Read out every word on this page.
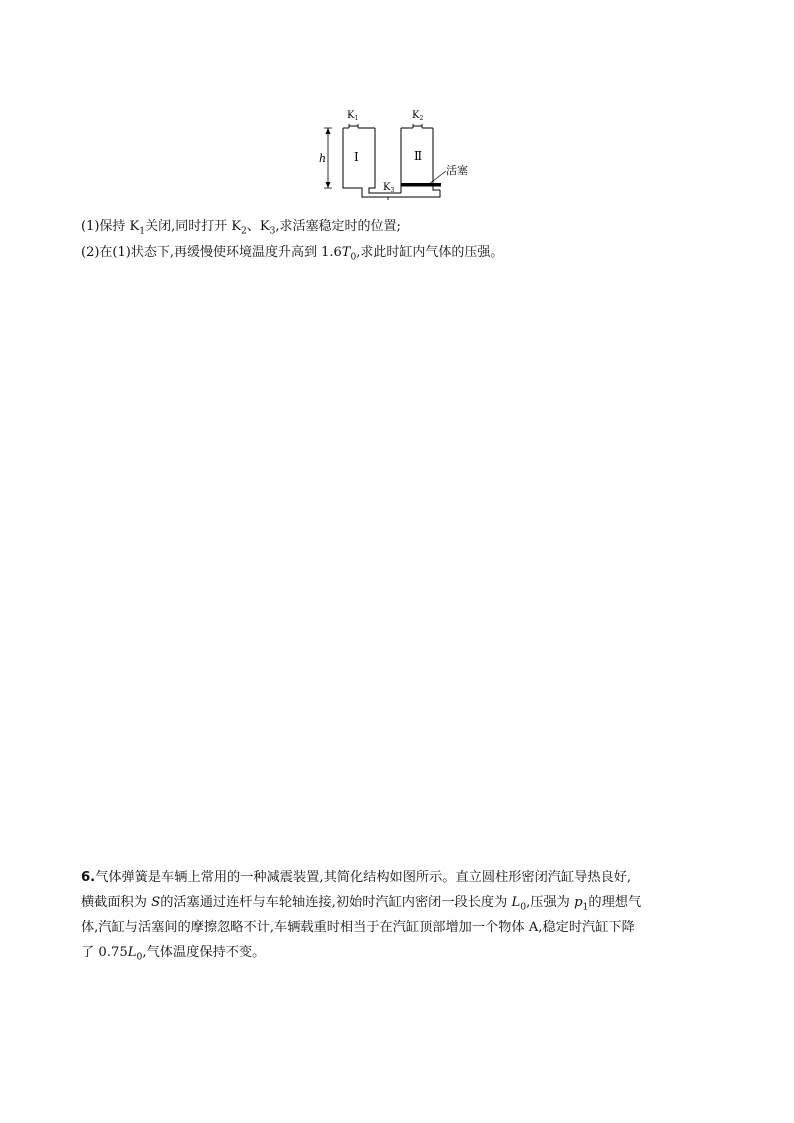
$K_1$	$K_2$
$K_3$
Ⅰ	Ⅱ
h
活塞
(1)保持 $K_1$关闭,同时打开 $K_2$、$K_3$,求活塞稳定时的位置;
(2)在(1)状态下,再缓慢使环境温度升高到 $1.6T_0$,求此时缸内气体的压强。
6.气体弹簧是车辆上常用的一种减震装置,其简化结构如图所示。直立圆柱形密闭汽缸导热良好,
横截面积为 S的活塞通过连杆与车轮轴连接,初始时汽缸内密闭一段长度为 $L_0$,压强为 $p_1$的理想气
体,汽缸与活塞间的摩擦忽略不计,车辆载重时相当于在汽缸顶部增加一个物体 A,稳定时汽缸下降
了 $0.75L_0$,气体温度保持不变。
